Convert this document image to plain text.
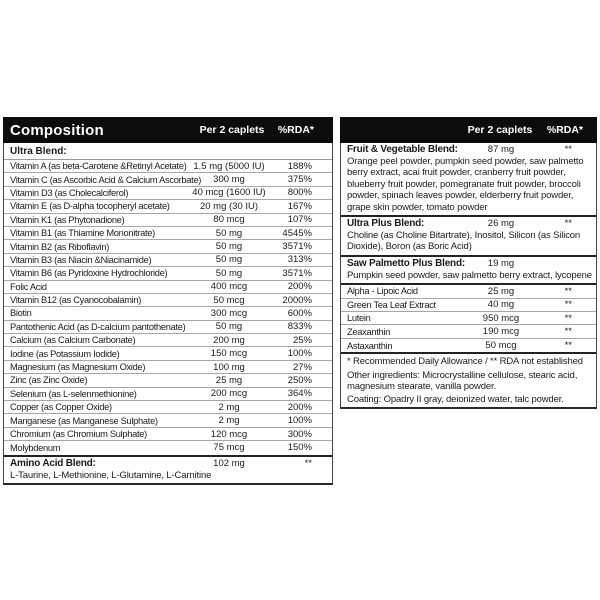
Composition	Per 2 caplets	%RDA*
Ultra Blend:
Vitamin A (as beta-Carotene &Retinyl Acetate) 1.5 mg (5000 IU)	188%
Vitamin C (as Ascorbic Acid & Calcium Ascorbate)	300 mg	375%
Vitamin D3 (as Cholecalciferol)	40 mcg (1600 IU)	800%
Vitamin E (as D-alpha tocopheryl acetate)	20 mg (30 IU)	167%
Vitamin K1 (as Phytonadione)	80 mcg	107%
Vitamin B1 (as Thiamine Mononitrate)	50 mg	4545%
Vitamin B2 (as Riboflavin)	50 mg	3571%
Vitamin B3 (as Niacin &Niacinamide)	50 mg	313%
Vitamin B6 (as Pyridoxine Hydrochloride)	50 mg	3571%
Folic Acid	400 mcg	200%
Vitamin B12 (as Cyanocobalamin)	50 mcg	2000%
Biotin	300 mcg	600%
Pantothenic Acid (as D-calcium pantothenate)	50 mg	833%
Calcium (as Calcium Carbonate)	200 mg	25%
Iodine (as Potassium Iodide)	150 mcg	100%
Magnesium (as Magnesium Oxide)	100 mg	27%
Zinc (as Zinc Oxide)	25 mg	250%
Selenium (as L-selenmethionine)	200 mcg	364%
Copper (as Copper Oxide)	2 mg	200%
Manganese (as Manganese Sulphate)	2 mg	100%
Chromium (as Chromium Sulphate)	120 mcg	300%
Molybdenum	75 mcg	150%
Amino Acid Blend:	102 mg	**
L-Taurine, L-Methionine, L-Glutamine, L-Carnitine
Per 2 caplets	%RDA*
Fruit & Vegetable Blend:	87 mg	**
Orange peel powder, pumpkin seed powder, saw palmetto berry extract, acai fruit powder, cranberry fruit powder, blueberry fruit powder, pomegranate fruit powder, broccoli powder, spinach leaves powder, elderberry fruit powder, grape skin powder, tomato powder
Ultra Plus Blend:	26 mg	**
Choline (as Choline Bitartrate), Inositol, Silicon (as Silicon Dioxide), Boron (as Boric Acid)
Saw Palmetto Plus Blend:	19 mg
Pumpkin seed powder, saw palmetto berry extract, lycopene
Alpha - Lipoic Acid	25 mg	**
Green Tea Leaf Extract	40 mg	**
Lutein	950 mcg	**
Zeaxanthin	190 mcg	**
Astaxanthin	50 mcg	**
* Recommended Daily Allowance / ** RDA not established
Other ingredients: Microcrystalline cellulose, stearic acid, magnesium stearate, vanilla powder.
Coating: Opadry II gray, deionized water, talc powder.
